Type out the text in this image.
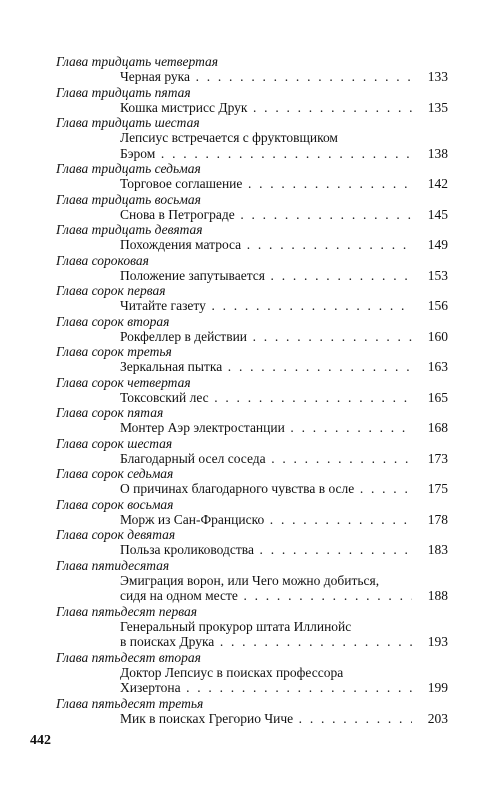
Глава тридцать четвертая
Черная рука . . .	133
Глава тридцать пятая
Кошка мистрисс Друк . . .	135
Глава тридцать шестая
Лепсиус встречается с фруктовщиком
Бэром . . .	138
Глава тридцать седьмая
Торговое соглашение . . .	142
Глава тридцать восьмая
Снова в Петрограде . . .	145
Глава тридцать девятая
Похождения матроса . . .	149
Глава сороковая
Положение запутывается . . .	153
Глава сорок первая
Читайте газету . . .	156
Глава сорок вторая
Рокфеллер в действии . . .	160
Глава сорок третья
Зеркальная пытка . . .	163
Глава сорок четвертая
Токсовский лес . . .	165
Глава сорок пятая
Монтер Аэр электростанции . . .	168
Глава сорок шестая
Благодарный осел соседа . . .	173
Глава сорок седьмая
О причинах благодарного чувства в осле . . .	175
Глава сорок восьмая
Морж из Сан-Франциско . . .	178
Глава сорок девятая
Польза кролиководства . . .	183
Глава пятидесятая
Эмиграция ворон, или Чего можно добиться,
сидя на одном месте . . .	188
Глава пятьдесят первая
Генеральный прокурор штата Иллинойс
в поисках Друка . . .	193
Глава пятьдесят вторая
Доктор Лепсиус в поисках профессора
Хизертона . . .	199
Глава пятьдесят третья
Мик в поисках Грегорио Чиче . . .	203
442
